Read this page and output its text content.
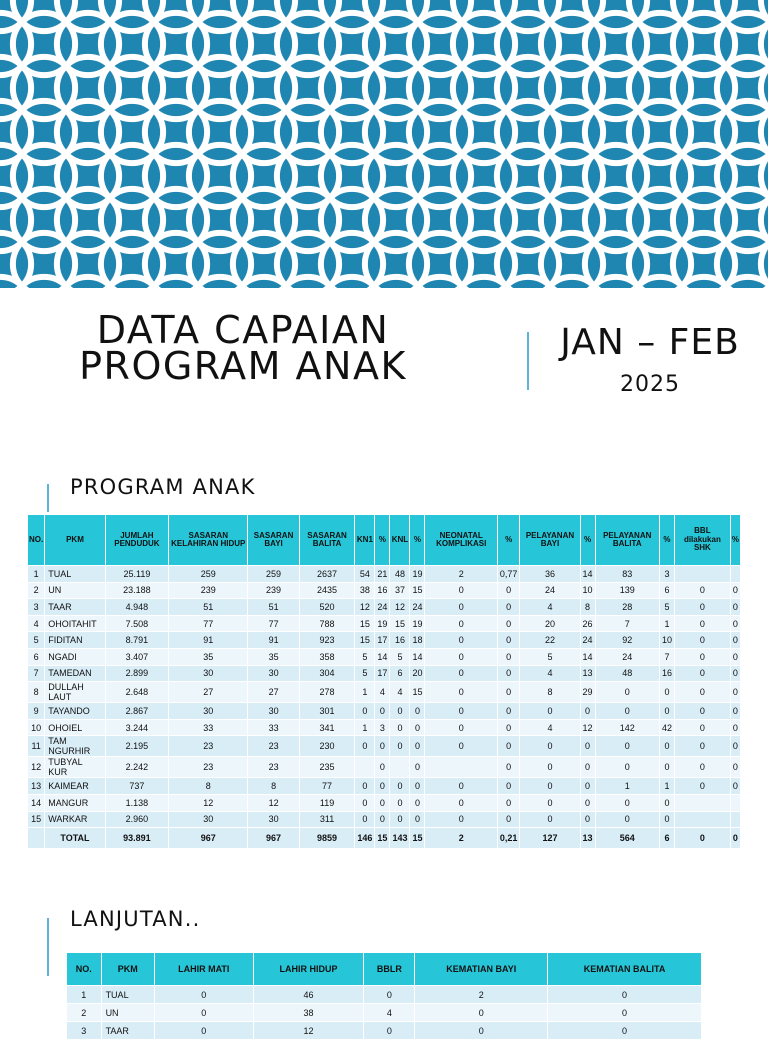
DATA CAPAIAN
PROGRAM ANAK
JAN – FEB
2025
PROGRAM ANAK
NO.	PKM	JUMLAH PENDUDUK	SASARAN KELAHIRAN HIDUP	SASARAN BAYI	SASARAN BALITA	KN1	%	KNL	%	NEONATAL KOMPLIKASI	%	PELAYANAN BAYI	%	PELAYANAN BALITA	%	BBL dilakukan SHK	%
1	TUAL	25.119	259	259	2637	54	21	48	19	2	0,77	36	14	83	3		
2	UN	23.188	239	239	2435	38	16	37	15	0	0	24	10	139	6	0	0
3	TAAR	4.948	51	51	520	12	24	12	24	0	0	4	8	28	5	0	0
4	OHOITAHIT	7.508	77	77	788	15	19	15	19	0	0	20	26	7	1	0	0
5	FIDITAN	8.791	91	91	923	15	17	16	18	0	0	22	24	92	10	0	0
6	NGADI	3.407	35	35	358	5	14	5	14	0	0	5	14	24	7	0	0
7	TAMEDAN	2.899	30	30	304	5	17	6	20	0	0	4	13	48	16	0	0
8	DULLAH LAUT	2.648	27	27	278	1	4	4	15	0	0	8	29	0	0	0	0
9	TAYANDO	2.867	30	30	301	0	0	0	0	0	0	0	0	0	0	0	0
10	OHOIEL	3.244	33	33	341	1	3	0	0	0	0	4	12	142	42	0	0
11	TAM NGURHIR	2.195	23	23	230	0	0	0	0	0	0	0	0	0	0	0	0
12	TUBYAL KUR	2.242	23	23	235		0		0		0	0	0	0	0	0	0
13	KAIMEAR	737	8	8	77	0	0	0	0	0	0	0	0	1	1	0	0
14	MANGUR	1.138	12	12	119	0	0	0	0	0	0	0	0	0	0		
15	WARKAR	2.960	30	30	311	0	0	0	0	0	0	0	0	0	0		
	TOTAL	93.891	967	967	9859	146	15	143	15	2	0,21	127	13	564	6	0	0
LANJUTAN..
NO.	PKM	LAHIR MATI	LAHIR HIDUP	BBLR	KEMATIAN BAYI	KEMATIAN BALITA
1	TUAL	0	46	0	2	0
2	UN	0	38	4	0	0
3	TAAR	0	12	0	0	0
